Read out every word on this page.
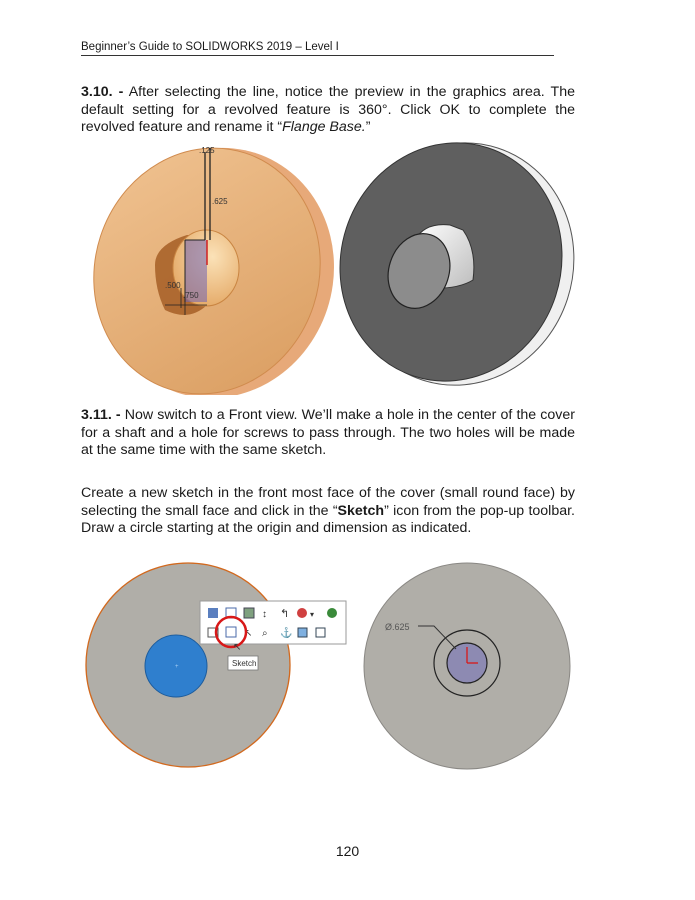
Beginner’s Guide to SOLIDWORKS 2019 – Level I

3.10. - After selecting the line, notice the preview in the graphics area. The default setting for a revolved feature is 360°. Click OK to complete the revolved feature and rename it “Flange Base.”

.125
.625
.500
.750

3.11. - Now switch to a Front view. We’ll make a hole in the center of the cover for a shaft and a hole for screws to pass through. The two holes will be made at the same time with the same sketch.

Create a new sketch in the front most face of the cover (small round face) by selecting the small face and click in the “Sketch” icon from the pop-up toolbar. Draw a circle starting at the origin and dimension as indicated.

+
↕ ↰	▾
↖ ⌕ ⚓
↖
Sketch
Ø.625
120
